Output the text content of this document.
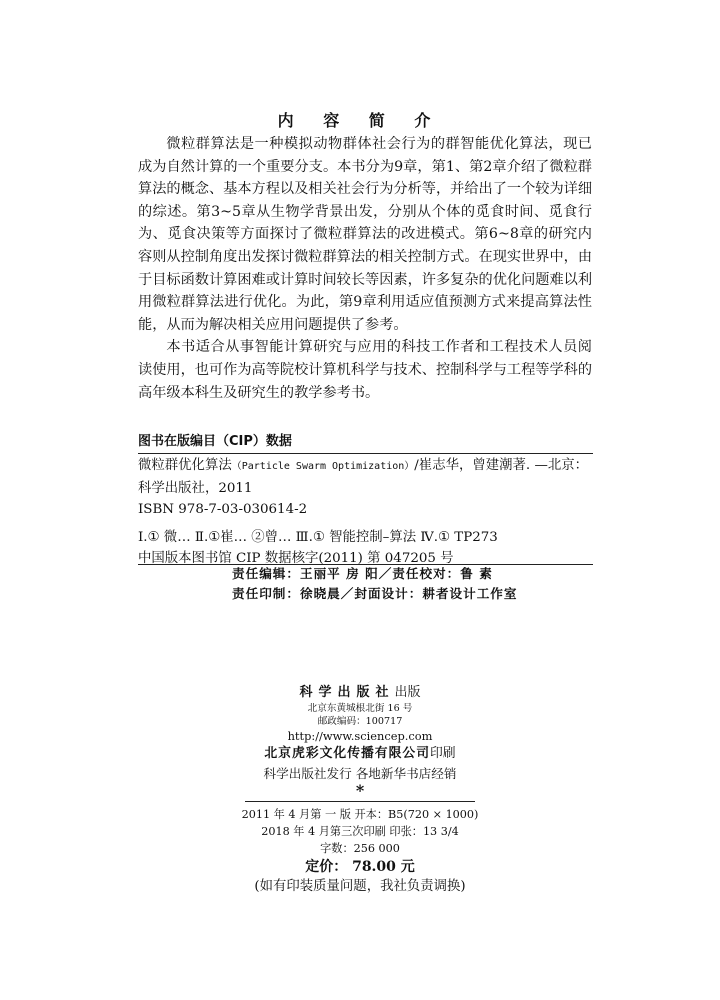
内 容 简 介

微粒群算法是一种模拟动物群体社会行为的群智能优化算法，现已成为自然计算的一个重要分支。本书分为9章，第1、第2章介绍了微粒群算法的概念、基本方程以及相关社会行为分析等，并给出了一个较为详细的综述。第3~5章从生物学背景出发，分别从个体的觅食时间、觅食行为、觅食决策等方面探讨了微粒群算法的改进模式。第6~8章的研究内容则从控制角度出发探讨微粒群算法的相关控制方式。在现实世界中，由于目标函数计算困难或计算时间较长等因素，许多复杂的优化问题难以利用微粒群算法进行优化。为此，第9章利用适应值预测方式来提高算法性能，从而为解决相关应用问题提供了参考。

本书适合从事智能计算研究与应用的科技工作者和工程技术人员阅读使用，也可作为高等院校计算机科学与技术、控制科学与工程等学科的高年级本科生及研究生的教学参考书。

图书在版编目（CIP）数据
微粒群优化算法（Particle Swarm Optimization）/崔志华，曾建潮著. —北京：
科学出版社，2011
ISBN 978-7-03-030614-2
Ⅰ.① 微… Ⅱ.①崔… ②曾… Ⅲ.① 智能控制–算法 Ⅳ.① TP273
中国版本图书馆 CIP 数据核字(2011) 第 047205 号
责任编辑：王丽平 房 阳／责任校对：鲁 素
责任印制：徐晓晨／封面设计：耕者设计工作室
科学出版社出版
北京东黄城根北街 16 号
邮政编码：100717
http://www.sciencep.com
北京虎彩文化传播有限公司印刷
科学出版社发行 各地新华书店经销
*
2011 年 4 月第 一 版 开本：B5(720 × 1000)
2018 年 4 月第三次印刷 印张：13 3/4
字数：256 000
定价： 78.00 元
(如有印装质量问题，我社负责调换)
